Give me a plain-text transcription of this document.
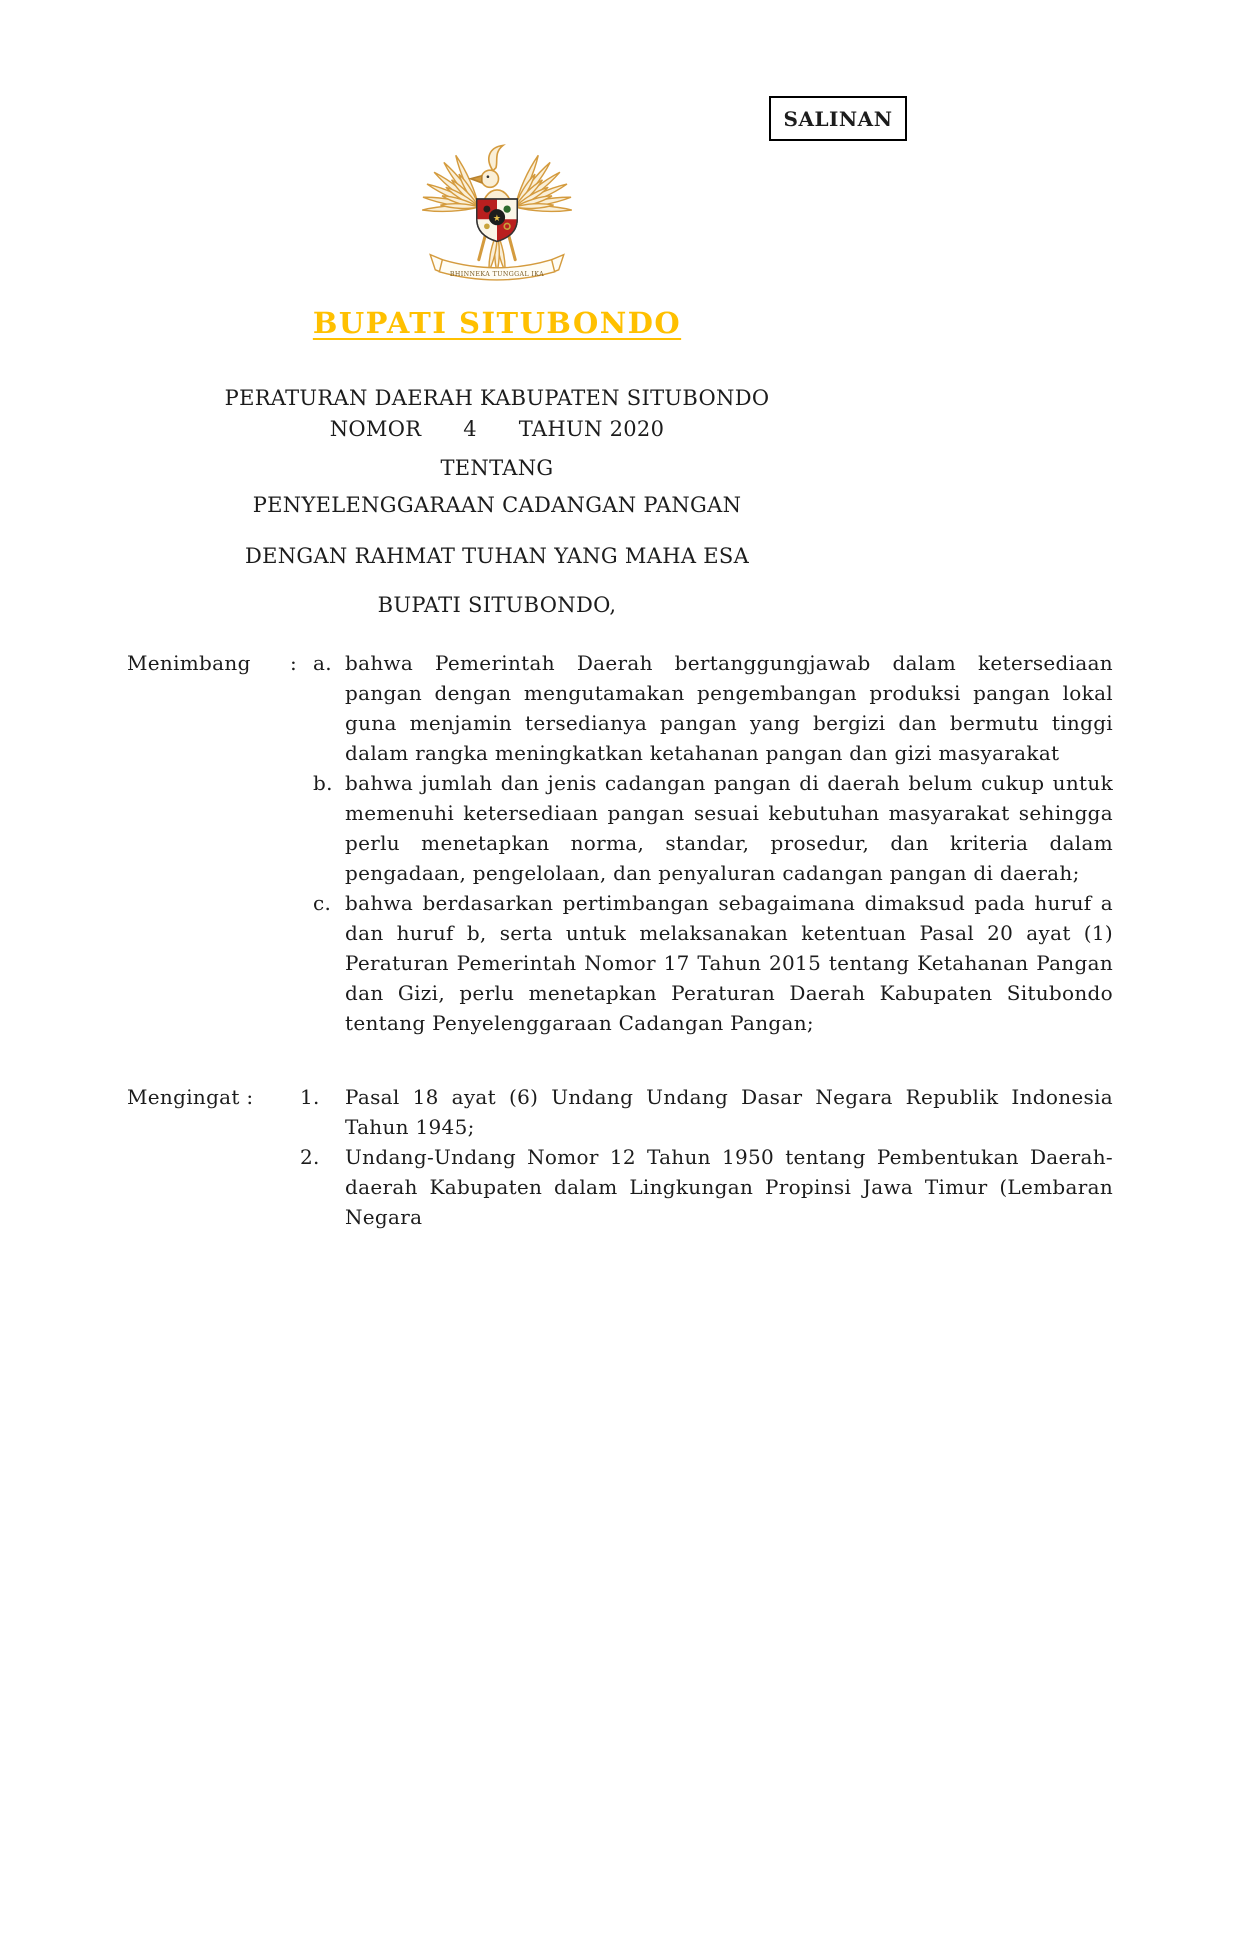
SALINAN
★
BHINNEKA TUNGGAL IKA
BUPATI SITUBONDO
PERATURAN DAERAH KABUPATEN SITUBONDO
NOMOR      4      TAHUN 2020
TENTANG
PENYELENGGARAAN CADANGAN PANGAN
DENGAN RAHMAT TUHAN YANG MAHA ESA
BUPATI SITUBONDO,
Menimbang	: a. bahwa Pemerintah Daerah bertanggungjawab dalam ketersediaan pangan dengan mengutamakan pengembangan produksi pangan lokal guna menjamin tersedianya pangan yang bergizi dan bermutu tinggi dalam rangka meningkatkan ketahanan pangan dan gizi masyarakat
b. bahwa jumlah dan jenis cadangan pangan di daerah belum cukup untuk memenuhi ketersediaan pangan sesuai kebutuhan masyarakat sehingga perlu menetapkan norma, standar, prosedur, dan kriteria dalam pengadaan, pengelolaan, dan penyaluran cadangan pangan di daerah;
c. bahwa berdasarkan pertimbangan sebagaimana dimaksud pada huruf a dan huruf b, serta untuk melaksanakan ketentuan Pasal 20 ayat (1) Peraturan Pemerintah Nomor 17 Tahun 2015 tentang Ketahanan Pangan dan Gizi, perlu menetapkan Peraturan Daerah Kabupaten Situbondo tentang Penyelenggaraan Cadangan Pangan;
Mengingat :	1.	Pasal 18 ayat (6) Undang Undang Dasar Negara Republik Indonesia Tahun 1945;
2.	Undang-Undang Nomor 12 Tahun 1950 tentang Pembentukan Daerah-daerah Kabupaten dalam Lingkungan Propinsi Jawa Timur (Lembaran Negara
